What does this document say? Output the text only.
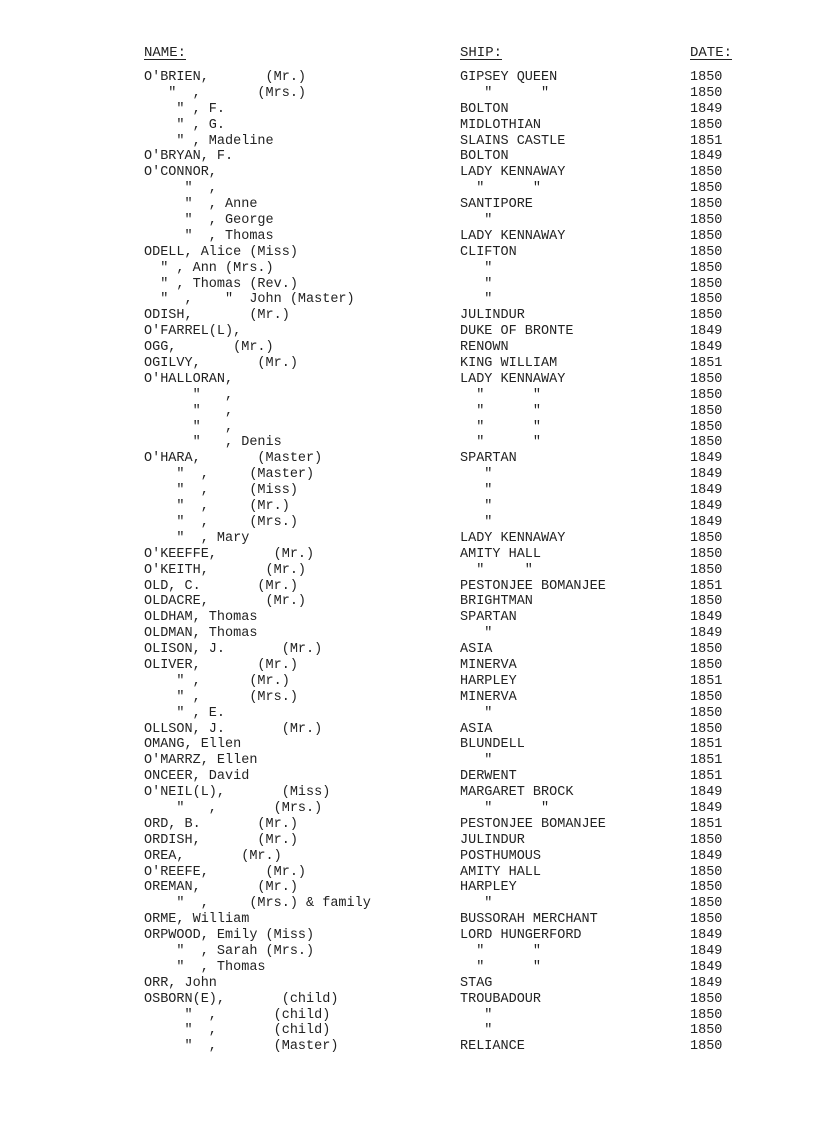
NAME:	SHIP:	DATE:
O'BRIEN,       (Mr.)	GIPSEY QUEEN	1850
"  ,       (Mrs.)	"      "	1850
" , F.	BOLTON	1849
" , G.	MIDLOTHIAN	1850
" , Madeline	SLAINS CASTLE	1851
O'BRYAN, F.	BOLTON	1849
O'CONNOR,	LADY KENNAWAY	1850
"  ,	"      "	1850
"  , Anne	SANTIPORE	1850
"  , George	"	1850
"  , Thomas	LADY KENNAWAY	1850
ODELL, Alice (Miss)	CLIFTON	1850
" , Ann (Mrs.)	"	1850
" , Thomas (Rev.)	"	1850
"  ,    "  John (Master)	"	1850
ODISH,       (Mr.)	JULINDUR	1850
O'FARREL(L),	DUKE OF BRONTE	1849
OGG,       (Mr.)	RENOWN	1849
OGILVY,       (Mr.)	KING WILLIAM	1851
O'HALLORAN,	LADY KENNAWAY	1850
"   ,	"      "	1850
"   ,	"      "	1850
"   ,	"      "	1850
"   , Denis	"      "	1850
O'HARA,       (Master)	SPARTAN	1849
"  ,     (Master)	"	1849
"  ,     (Miss)	"	1849
"  ,     (Mr.)	"	1849
"  ,     (Mrs.)	"	1849
"  , Mary	LADY KENNAWAY	1850
O'KEEFFE,       (Mr.)	AMITY HALL	1850
O'KEITH,       (Mr.)	"     "	1850
OLD, C.       (Mr.)	PESTONJEE BOMANJEE	1851
OLDACRE,       (Mr.)	BRIGHTMAN	1850
OLDHAM, Thomas	SPARTAN	1849
OLDMAN, Thomas	"	1849
OLISON, J.       (Mr.)	ASIA	1850
OLIVER,       (Mr.)	MINERVA	1850
" ,      (Mr.)	HARPLEY	1851
" ,      (Mrs.)	MINERVA	1850
" , E.	"	1850
OLLSON, J.       (Mr.)	ASIA	1850
OMANG, Ellen	BLUNDELL	1851
O'MARRZ, Ellen	"	1851
ONCEER, David	DERWENT	1851
O'NEIL(L),       (Miss)	MARGARET BROCK	1849
"   ,       (Mrs.)	"      "	1849
ORD, B.       (Mr.)	PESTONJEE BOMANJEE	1851
ORDISH,       (Mr.)	JULINDUR	1850
OREA,       (Mr.)	POSTHUMOUS	1849
O'REEFE,       (Mr.)	AMITY HALL	1850
OREMAN,       (Mr.)	HARPLEY	1850
"  ,     (Mrs.) & family	"	1850
ORME, William	BUSSORAH MERCHANT	1850
ORPWOOD, Emily (Miss)	LORD HUNGERFORD	1849
"  , Sarah (Mrs.)	"      "	1849
"  , Thomas	"      "	1849
ORR, John	STAG	1849
OSBORN(E),       (child)	TROUBADOUR	1850
"  ,       (child)	"	1850
"  ,       (child)	"	1850
"  ,       (Master)	RELIANCE	1850
